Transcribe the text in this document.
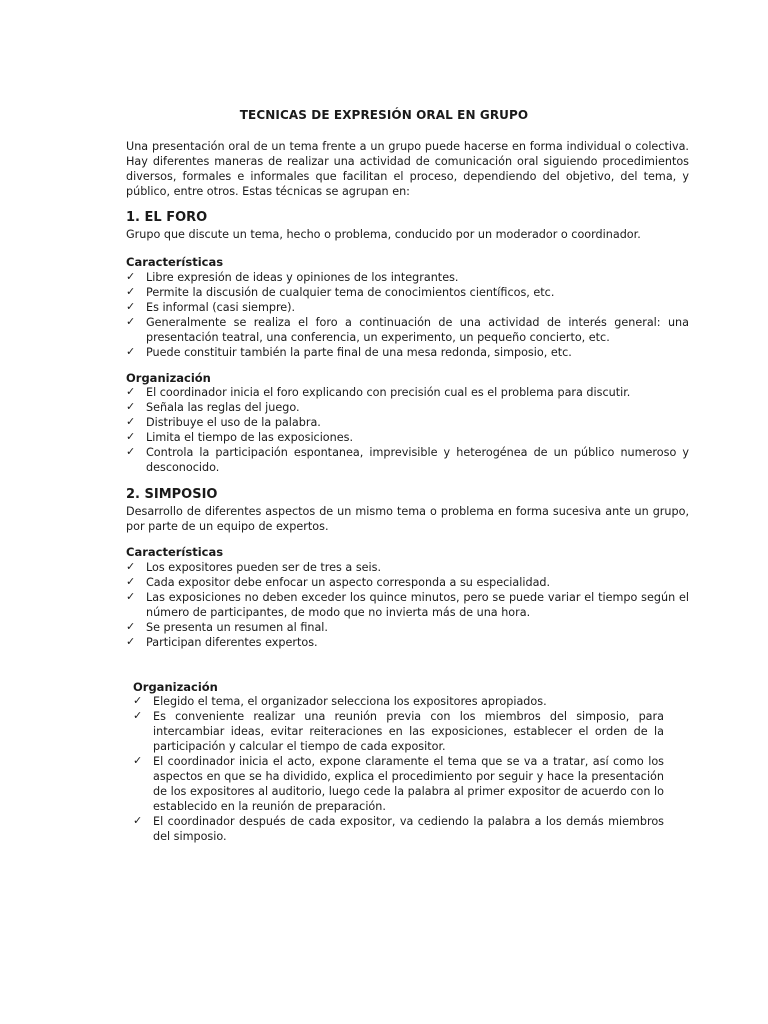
TECNICAS DE EXPRESIÓN ORAL EN GRUPO
Una presentación oral de un tema frente a un grupo puede hacerse en forma individual o colectiva. Hay diferentes maneras de realizar una actividad de comunicación oral siguiendo procedimientos diversos, formales e informales que facilitan el proceso, dependiendo del objetivo, del tema, y público, entre otros. Estas técnicas se agrupan en:
1. EL FORO
Grupo que discute un tema, hecho o problema, conducido por un moderador o coordinador.
Características
✓ Libre expresión de ideas y opiniones de los integrantes.
✓ Permite la discusión de cualquier tema de conocimientos científicos, etc.
✓ Es informal (casi siempre).
✓ Generalmente se realiza el foro a continuación de una actividad de interés general: una presentación teatral, una conferencia, un experimento, un pequeño concierto, etc.
✓ Puede constituir también la parte final de una mesa redonda, simposio, etc.
Organización
✓ El coordinador inicia el foro explicando con precisión cual es el problema para discutir.
✓ Señala las reglas del juego.
✓ Distribuye el uso de la palabra.
✓ Limita el tiempo de las exposiciones.
✓ Controla la participación espontanea, imprevisible y heterogénea de un público numeroso y desconocido.
2. SIMPOSIO
Desarrollo de diferentes aspectos de un mismo tema o problema en forma sucesiva ante un grupo, por parte de un equipo de expertos.
Características
✓ Los expositores pueden ser de tres a seis.
✓ Cada expositor debe enfocar un aspecto corresponda a su especialidad.
✓ Las exposiciones no deben exceder los quince minutos, pero se puede variar el tiempo según el número de participantes, de modo que no invierta más de una hora.
✓ Se presenta un resumen al final.
✓ Participan diferentes expertos.
Organización
✓ Elegido el tema, el organizador selecciona los expositores apropiados.
✓ Es conveniente realizar una reunión previa con los miembros del simposio, para intercambiar ideas, evitar reiteraciones en las exposiciones, establecer el orden de la participación y calcular el tiempo de cada expositor.
✓ El coordinador inicia el acto, expone claramente el tema que se va a tratar, así como los aspectos en que se ha dividido, explica el procedimiento por seguir y hace la presentación de los expositores al auditorio, luego cede la palabra al primer expositor de acuerdo con lo establecido en la reunión de preparación.
✓ El coordinador después de cada expositor, va cediendo la palabra a los demás miembros del simposio.
